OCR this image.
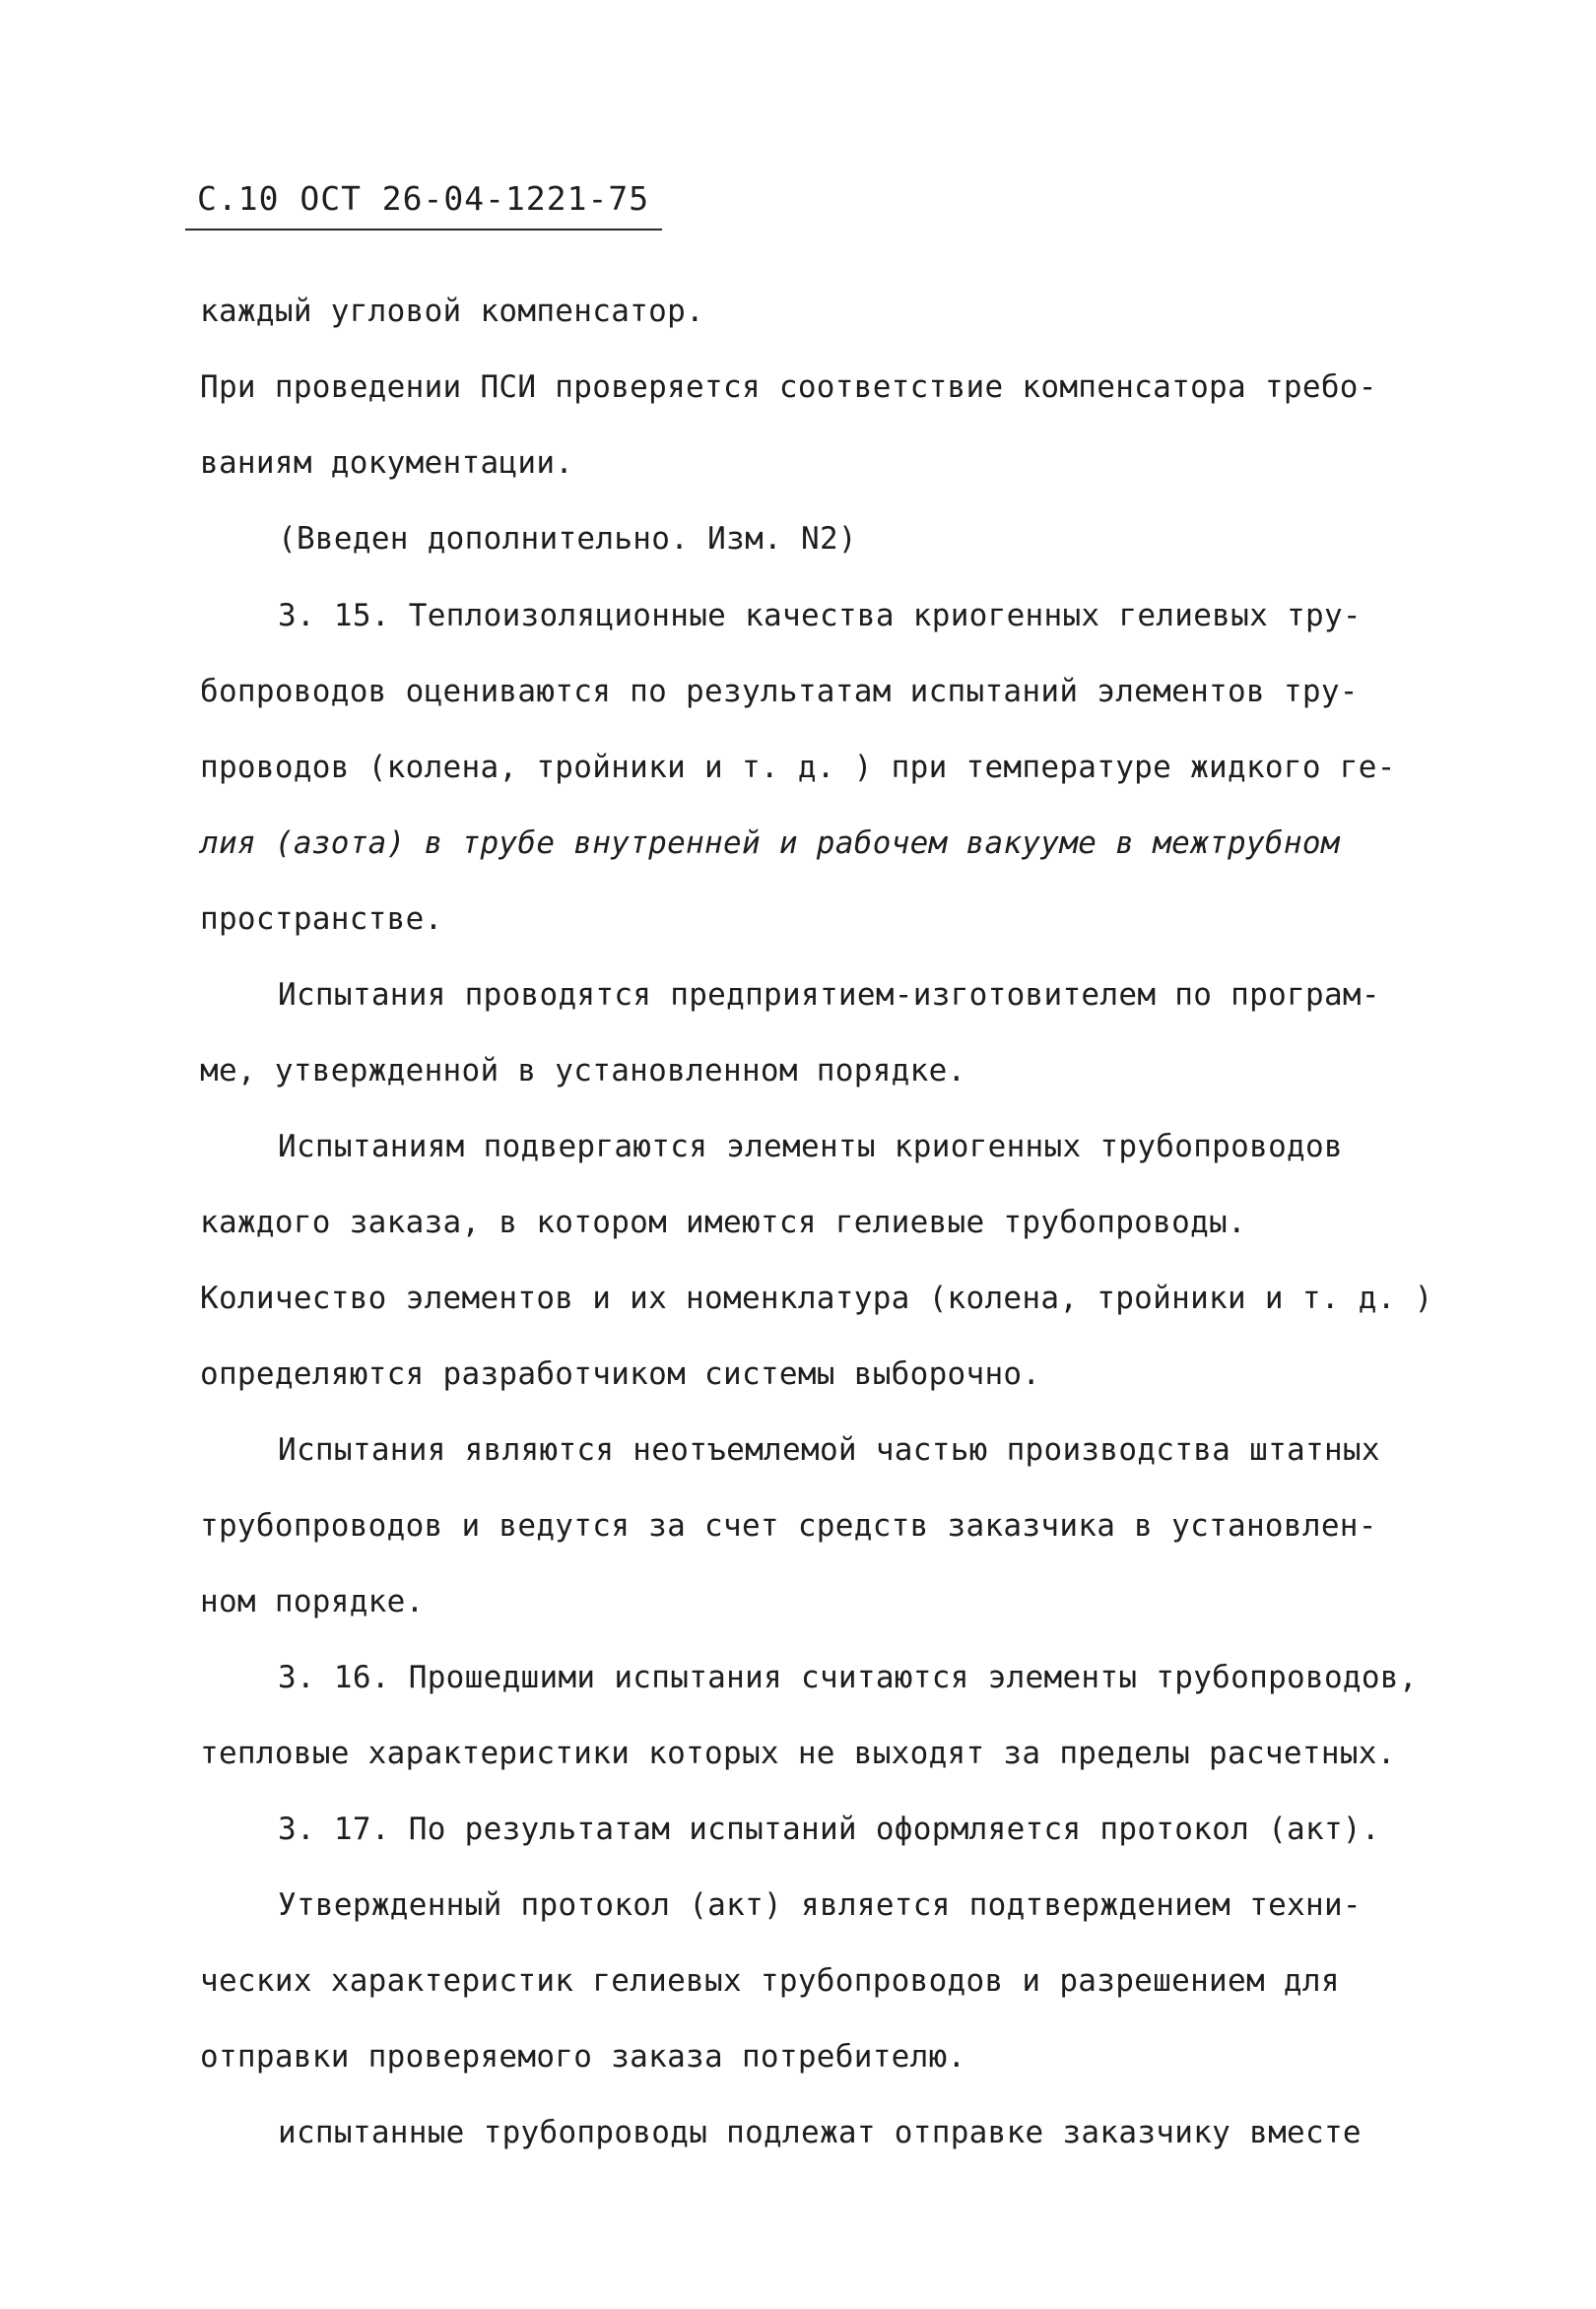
С.10 ОСТ 26-04-1221-75
каждый угловой компенсатор.
При проведении ПСИ проверяется соответствие компенсатора требо-
ваниям документации.
(Введен дополнительно. Изм. N2)
3. 15. Теплоизоляционные качества криогенных гелиевых тру-
бопроводов оцениваются по результатам испытаний элементов тру-
проводов (колена, тройники и т. д. ) при температуре жидкого ге-
лия (азота) в трубе внутренней и рабочем вакууме в межтрубном
пространстве.
Испытания проводятся предприятием-изготовителем по програм-
ме, утвержденной в установленном порядке.
Испытаниям подвергаются элементы криогенных трубопроводов
каждого заказа, в котором имеются гелиевые трубопроводы.
Количество элементов и их номенклатура (колена, тройники и т. д. )
определяются разработчиком системы выборочно.
Испытания являются неотъемлемой частью производства штатных
трубопроводов и ведутся за счет средств заказчика в установлен-
ном порядке.
3. 16. Прошедшими испытания считаются элементы трубопроводов,
тепловые характеристики которых не выходят за пределы расчетных.
3. 17. По результатам испытаний оформляется протокол (акт).
Утвержденный протокол (акт) является подтверждением техни-
ческих характеристик гелиевых трубопроводов и разрешением для
отправки проверяемого заказа потребителю.
испытанные трубопроводы подлежат отправке заказчику вместе
